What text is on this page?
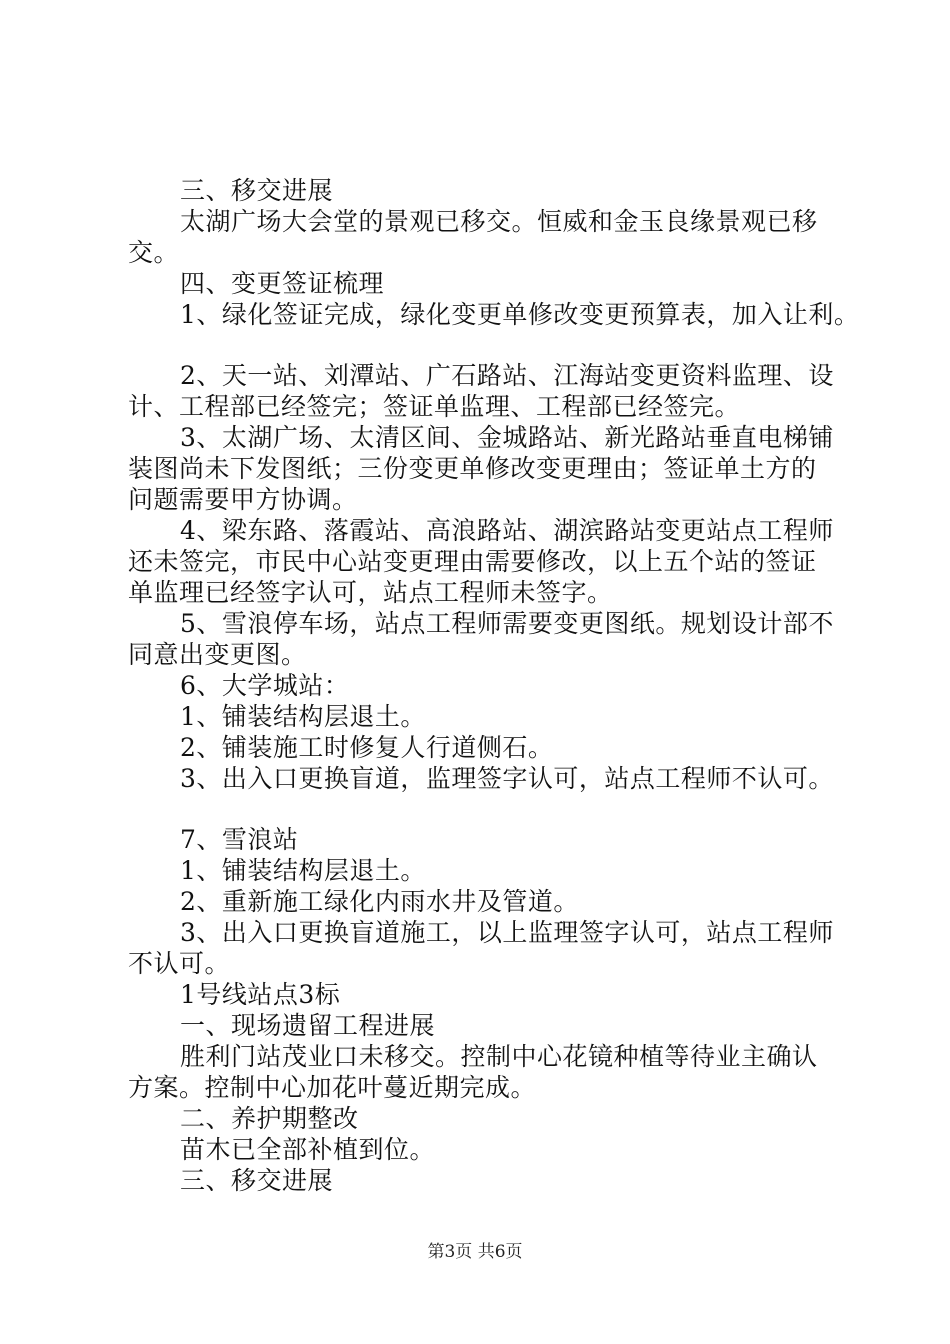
三、移交进展
太湖广场大会堂的景观已移交。恒威和金玉良缘景观已移
交。
四、变更签证梳理
1、绿化签证完成，绿化变更单修改变更预算表，加入让利。
2、天一站、刘潭站、广石路站、江海站变更资料监理、设
计、工程部已经签完；签证单监理、工程部已经签完。
3、太湖广场、太清区间、金城路站、新光路站垂直电梯铺
装图尚未下发图纸；三份变更单修改变更理由；签证单土方的
问题需要甲方协调。
4、梁东路、落霞站、高浪路站、湖滨路站变更站点工程师
还未签完，市民中心站变更理由需要修改，以上五个站的签证
单监理已经签字认可，站点工程师未签字。
5、雪浪停车场，站点工程师需要变更图纸。规划设计部不
同意出变更图。
6、大学城站：
1、铺装结构层退土。
2、铺装施工时修复人行道侧石。
3、出入口更换盲道，监理签字认可，站点工程师不认可。
7、雪浪站
1、铺装结构层退土。
2、重新施工绿化内雨水井及管道。
3、出入口更换盲道施工，以上监理签字认可，站点工程师
不认可。
1号线站点3标
一、现场遗留工程进展
胜利门站茂业口未移交。控制中心花镜种植等待业主确认
方案。控制中心加花叶蔓近期完成。
二、养护期整改
苗木已全部补植到位。
三、移交进展
第3页 共6页
